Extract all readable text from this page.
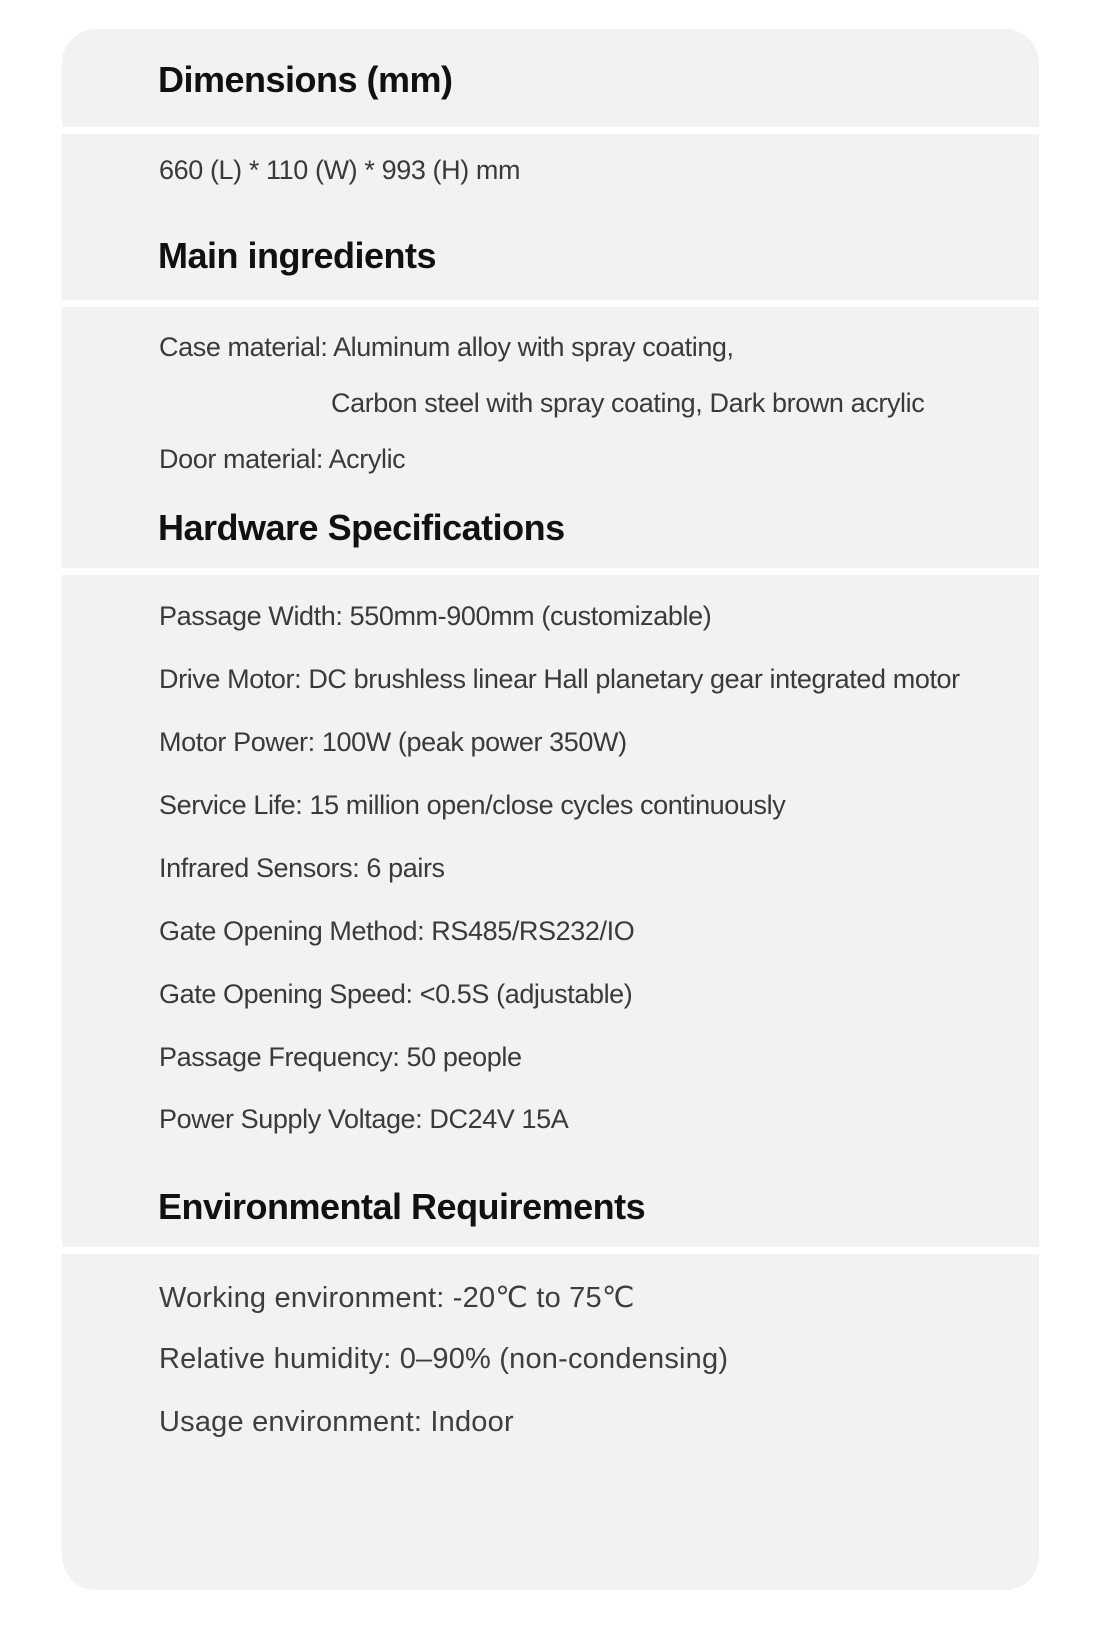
Dimensions (mm)

660 (L) * 110 (W) * 993 (H) mm

Main ingredients

Case material: Aluminum alloy with spray coating,

Carbon steel with spray coating, Dark brown acrylic

Door material: Acrylic

Hardware Specifications

Passage Width: 550mm-900mm (customizable)

Drive Motor: DC brushless linear Hall planetary gear integrated motor

Motor Power: 100W (peak power 350W)

Service Life: 15 million open/close cycles continuously

Infrared Sensors: 6 pairs

Gate Opening Method: RS485/RS232/IO

Gate Opening Speed: <0.5S (adjustable)

Passage Frequency: 50 people

Power Supply Voltage: DC24V 15A

Environmental Requirements

Working environment: -20℃ to 75℃

Relative humidity: 0–90% (non-condensing)

Usage environment: Indoor
